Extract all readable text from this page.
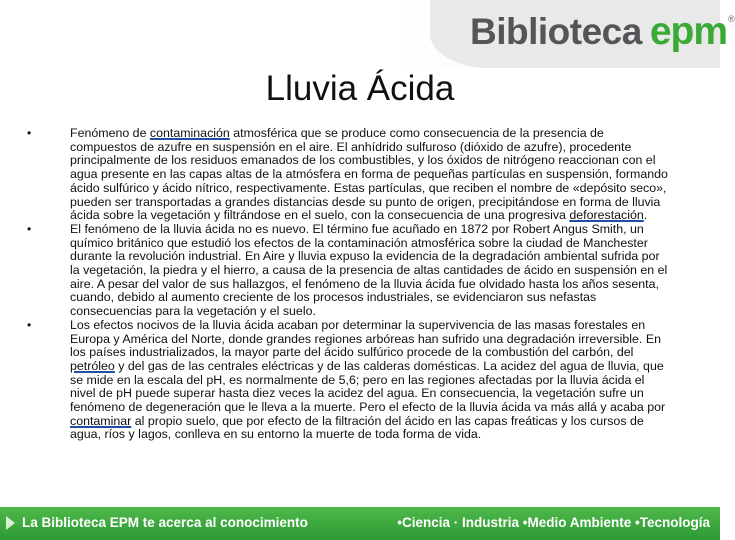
Biblioteca epm ®
Lluvia Ácida
•	Fenómeno de contaminación atmosférica que se produce como consecuencia de la presencia de compuestos de azufre en suspensión en el aire. El anhídrido sulfuroso (dióxido de azufre), procedente principalmente de los residuos emanados de los combustibles, y los óxidos de nitrógeno reaccionan con el agua presente en las capas altas de la atmósfera en forma de pequeñas partículas en suspensión, formando ácido sulfúrico y ácido nítrico, respectivamente. Estas partículas, que reciben el nombre de «depósito seco», pueden ser transportadas a grandes distancias desde su punto de origen, precipitándose en forma de lluvia ácida sobre la vegetación y filtrándose en el suelo, con la consecuencia de una progresiva deforestación.
•	El fenómeno de la lluvia ácida no es nuevo. El término fue acuñado en 1872 por Robert Angus Smith, un químico británico que estudió los efectos de la contaminación atmosférica sobre la ciudad de Manchester durante la revolución industrial. En Aire y lluvia expuso la evidencia de la degradación ambiental sufrida por la vegetación, la piedra y el hierro, a causa de la presencia de altas cantidades de ácido en suspensión en el aire. A pesar del valor de sus hallazgos, el fenómeno de la lluvia ácida fue olvidado hasta los años sesenta, cuando, debido al aumento creciente de los procesos industriales, se evidenciaron sus nefastas consecuencias para la vegetación y el suelo.
•	Los efectos nocivos de la lluvia ácida acaban por determinar la supervivencia de las masas forestales en Europa y América del Norte, donde grandes regiones arbóreas han sufrido una degradación irreversible. En los países industrializados, la mayor parte del ácido sulfúrico procede de la combustión del carbón, del petróleo y del gas de las centrales eléctricas y de las calderas domésticas. La acidez del agua de lluvia, que se mide en la escala del pH, es normalmente de 5,6; pero en las regiones afectadas por la lluvia ácida el nivel de pH puede superar hasta diez veces la acidez del agua. En consecuencia, la vegetación sufre un fenómeno de degeneración que le lleva a la muerte. Pero el efecto de la lluvia ácida va más allá y acaba por contaminar al propio suelo, que por efecto de la filtración del ácido en las capas freáticas y los cursos de agua, ríos y lagos, conlleva en su entorno la muerte de toda forma de vida.
La Biblioteca EPM te acerca al conocimiento	•Ciencia · Industria •Medio Ambiente •Tecnología
